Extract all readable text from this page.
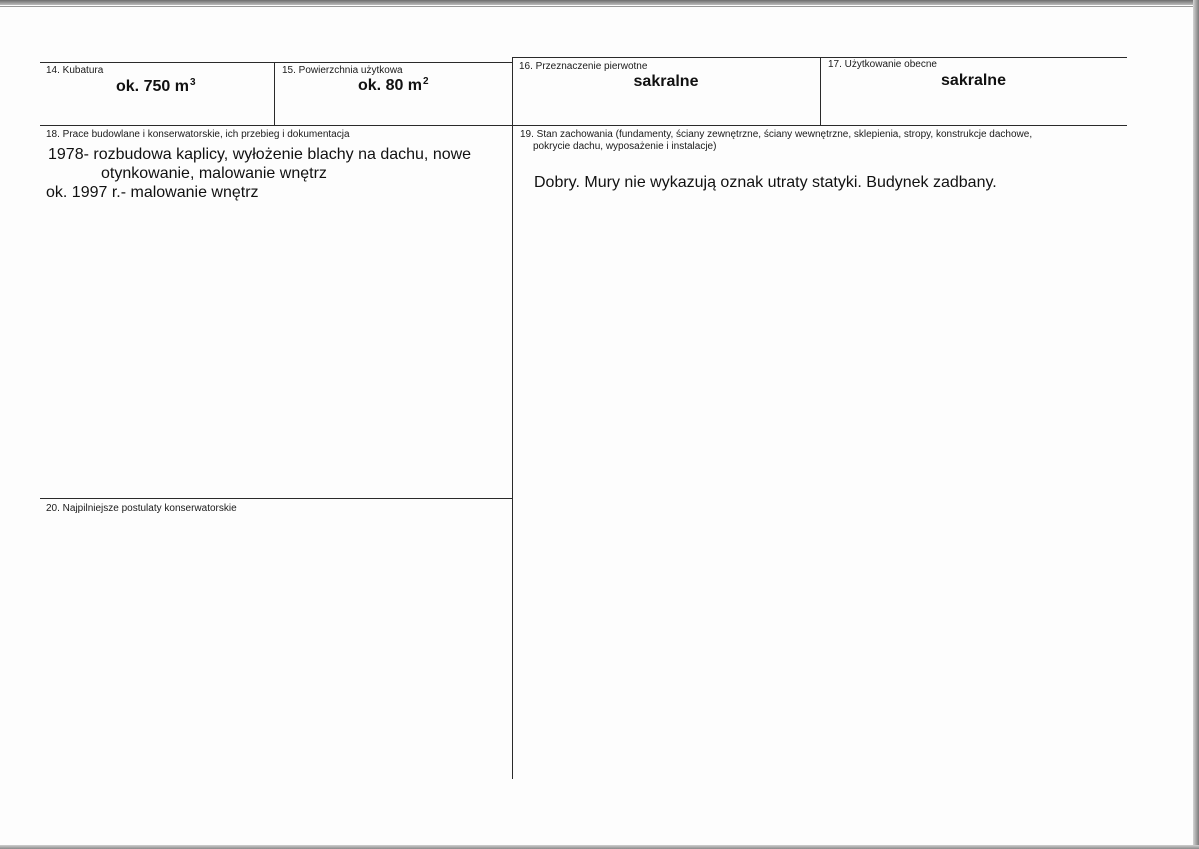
14. Kubatura
ok. 750 $m^3$
15. Powierzchnia użytkowa
ok. 80 $m^2$
16. Przeznaczenie pierwotne
sakralne
17. Użytkowanie obecne
sakralne
18. Prace budowlane i konserwatorskie, ich przebieg i dokumentacja
1978- rozbudowa kaplicy, wyłożenie blachy na dachu, nowe
otynkowanie, malowanie wnętrz
ok. 1997 r.- malowanie wnętrz
19. Stan zachowania (fundamenty, ściany zewnętrzne, ściany wewnętrzne, sklepienia, stropy, konstrukcje dachowe,
pokrycie dachu, wyposażenie i instalacje)
Dobry. Mury nie wykazują oznak utraty statyki. Budynek zadbany.
20. Najpilniejsze postulaty konserwatorskie
